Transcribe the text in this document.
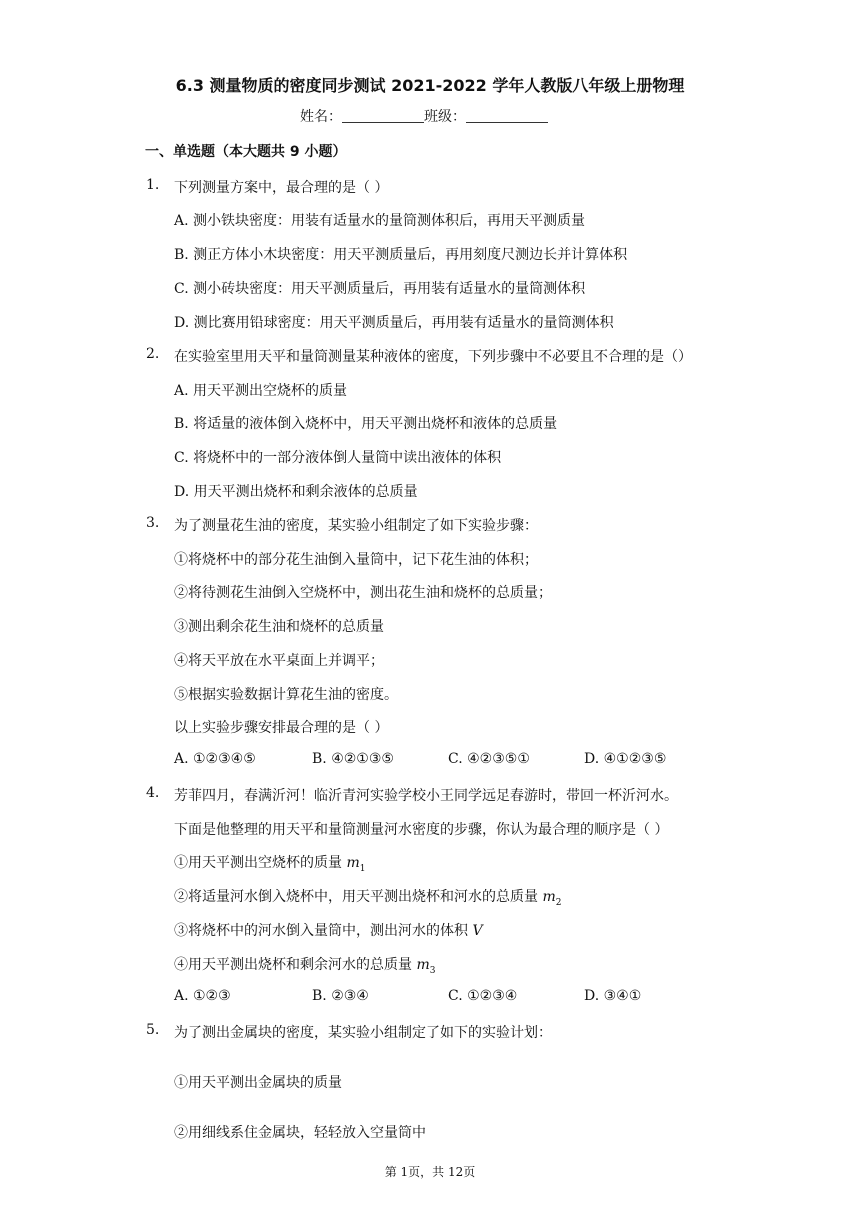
6.3 测量物质的密度同步测试 2021-2022 学年人教版八年级上册物理
姓名：	班级：
一、单选题（本大题共 9 小题）
1. 下列测量方案中，最合理的是（ ）
A. 测小铁块密度：用装有适量水的量筒测体积后，再用天平测质量
B. 测正方体小木块密度：用天平测质量后，再用刻度尺测边长并计算体积
C. 测小砖块密度：用天平测质量后，再用装有适量水的量筒测体积
D. 测比赛用铅球密度：用天平测质量后，再用装有适量水的量筒测体积
2. 在实验室里用天平和量筒测量某种液体的密度，下列步骤中不必要且不合理的是（）
A. 用天平测出空烧杯的质量
B. 将适量的液体倒入烧杯中，用天平测出烧杯和液体的总质量
C. 将烧杯中的一部分液体倒人量筒中读出液体的体积
D. 用天平测出烧杯和剩余液体的总质量
3. 为了测量花生油的密度，某实验小组制定了如下实验步骤：
①将烧杯中的部分花生油倒入量筒中，记下花生油的体积；
②将待测花生油倒入空烧杯中，测出花生油和烧杯的总质量；
③测出剩余花生油和烧杯的总质量
④将天平放在水平桌面上并调平；
⑤根据实验数据计算花生油的密度。
以上实验步骤安排最合理的是（ ）
A. ①②③④⑤	B. ④②①③⑤	C. ④②③⑤①	D. ④①②③⑤
4. 芳菲四月，春满沂河！临沂青河实验学校小王同学远足春游时，带回一杯沂河水。
下面是他整理的用天平和量筒测量河水密度的步骤，你认为最合理的顺序是（ ）
①用天平测出空烧杯的质量 $m_1$
②将适量河水倒入烧杯中，用天平测出烧杯和河水的总质量 $m_2$
③将烧杯中的河水倒入量筒中，测出河水的体积 V
④用天平测出烧杯和剩余河水的总质量 $m_3$
A. ①②③	B. ②③④	C. ①②③④	D. ③④①
5. 为了测出金属块的密度，某实验小组制定了如下的实验计划：
①用天平测出金属块的质量
②用细线系住金属块，轻轻放入空量筒中
第 1页，共 12页
